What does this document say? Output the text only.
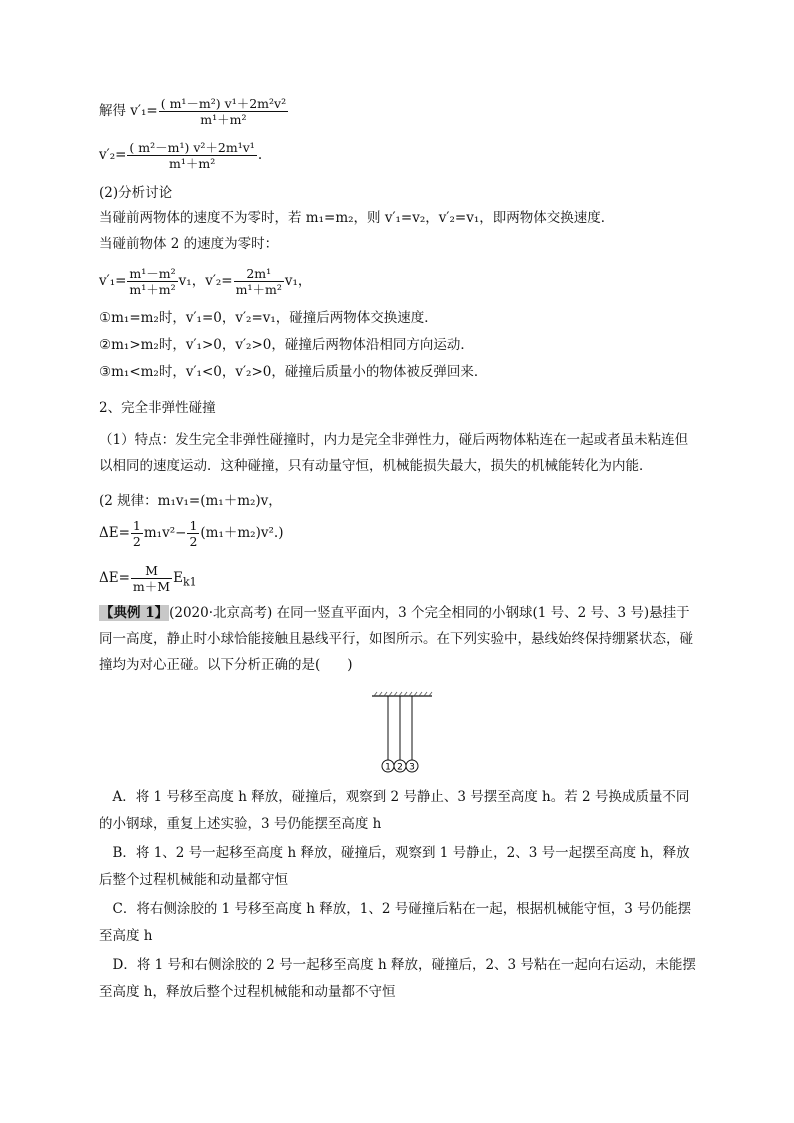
解得 $v'_1= \frac{\text{( m¹－m²) v¹＋2m²v²}}{\text{m¹＋m²}}$
$v'_2= \frac{\text{( m²－m¹) v²＋2m¹v¹}}{\text{m¹＋m²}}$ .
(2)分析讨论
当碰前两物体的速度不为零时，若 m₁=m₂，则 v′₁=v₂，v′₂=v₁，即两物体交换速度．
当碰前物体 2 的速度为零时：
$v'_1= \frac{\text{m¹－m²}}{\text{m¹＋m²}} v_1$，$v'_2= \frac{\text{2m¹}}{\text{m¹＋m²}} v_1$，
①m₁=m₂时，v′₁=0，v′₂=v₁，碰撞后两物体交换速度．
②m₁>m₂时，v′₁>0，v′₂>0，碰撞后两物体沿相同方向运动．
③m₁<m₂时，v′₁<0，v′₂>0，碰撞后质量小的物体被反弹回来．
2、完全非弹性碰撞
（1）特点：发生完全非弹性碰撞时，内力是完全非弹性力，碰后两物体粘连在一起或者虽未粘连但以相同的速度运动．这种碰撞，只有动量守恒，机械能损失最大，损失的机械能转化为内能．
(2 规律：m₁v₁=(m₁＋m₂)v，
$\Delta E= \frac{1}{2} m_1v^2- \frac{1}{2} (m_1+m_2)v^2$.)
$\Delta E= \frac{M}{m+M} E_{k1}$
【典例 1】(2020·北京高考) 在同一竖直平面内，3 个完全相同的小钢球(1 号、2 号、3 号)悬挂于同一高度，静止时小球恰能接触且悬线平行，如图所示。在下列实验中，悬线始终保持绷紧状态，碰撞均为对心正碰。以下分析正确的是(　　)
1 2 3
A．将 1 号移至高度 h 释放，碰撞后，观察到 2 号静止、3 号摆至高度 h。若 2 号换成质量不同的小钢球，重复上述实验，3 号仍能摆至高度 h
B．将 1、2 号一起移至高度 h 释放，碰撞后，观察到 1 号静止，2、3 号一起摆至高度 h，释放后整个过程机械能和动量都守恒
C．将右侧涂胶的 1 号移至高度 h 释放，1、2 号碰撞后粘在一起，根据机械能守恒，3 号仍能摆至高度 h
D．将 1 号和右侧涂胶的 2 号一起移至高度 h 释放，碰撞后，2、3 号粘在一起向右运动，未能摆至高度 h，释放后整个过程机械能和动量都不守恒
